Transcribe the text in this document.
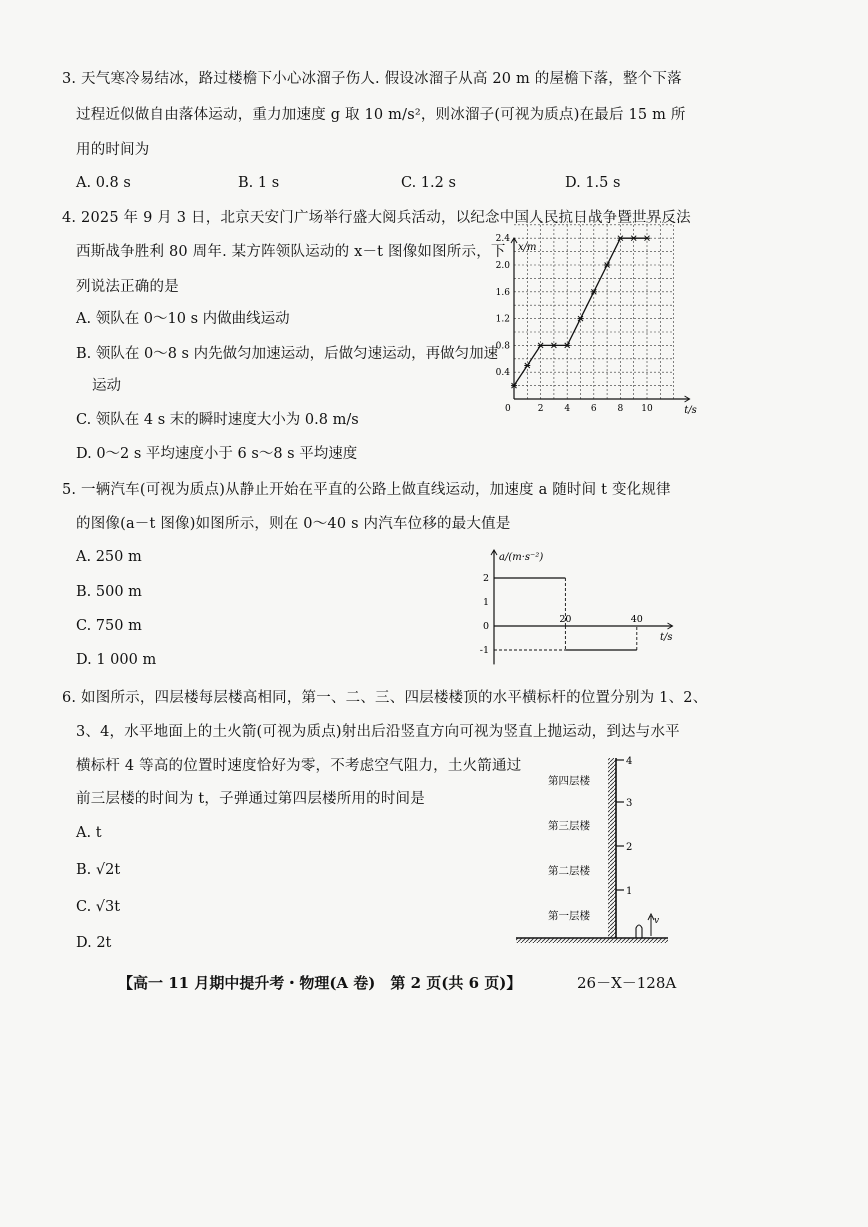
3. 天气寒冷易结冰，路过楼檐下小心冰溜子伤人. 假设冰溜子从高 20 m 的屋檐下落，整个下落
过程近似做自由落体运动，重力加速度 g 取 10 m/s²，则冰溜子(可视为质点)在最后 15 m 所
用的时间为
A. 0.8 s	B. 1 s	C. 1.2 s	D. 1.5 s
4. 2025 年 9 月 3 日，北京天安门广场举行盛大阅兵活动，以纪念中国人民抗日战争暨世界反法
西斯战争胜利 80 周年. 某方阵领队运动的 x－t 图像如图所示，下
列说法正确的是
A. 领队在 0～10 s 内做曲线运动
B. 领队在 0～8 s 内先做匀加速运动，后做匀速运动，再做匀加速
运动
C. 领队在 4 s 末的瞬时速度大小为 0.8 m/s
D. 0～2 s 平均速度小于 6 s～8 s 平均速度
x/m
t/s
0	2 4 6 8 10
0.4
0.8
1.2
1.6
2.0
2.4
5. 一辆汽车(可视为质点)从静止开始在平直的公路上做直线运动，加速度 a 随时间 t 变化规律
的图像(a－t 图像)如图所示，则在 0～40 s 内汽车位移的最大值是
A. 250 m
B. 500 m
C. 750 m
D. 1 000 m
a/(m·s⁻²)
t/s
2
1
0
-1
20	40
6. 如图所示，四层楼每层楼高相同，第一、二、三、四层楼楼顶的水平横标杆的位置分别为 1、2、
3、4，水平地面上的土火箭(可视为质点)射出后沿竖直方向可视为竖直上抛运动，到达与水平
横标杆 4 等高的位置时速度恰好为零，不考虑空气阻力，土火箭通过
前三层楼的时间为 t，子弹通过第四层楼所用的时间是
A. t
B. √2t
C. √3t
D. 2t
4
3
2
1
第四层楼
第三层楼
第二层楼
第一层楼	v
【高一 11 月期中提升考・物理(A 卷)　第 2 页(共 6 页)】	26－X－128A
